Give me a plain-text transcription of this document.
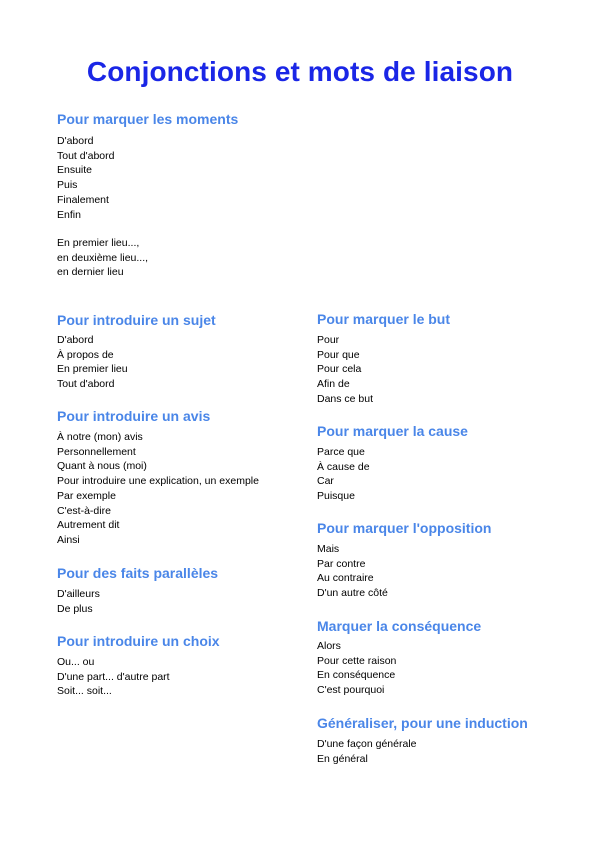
Conjonctions et mots de liaison
Pour marquer les moments
D'abord
Tout d'abord
Ensuite
Puis
Finalement
Enfin
En premier lieu...,
en deuxième lieu...,
en dernier lieu
Pour introduire un sujet
D'abord
À propos de
En premier lieu
Tout d'abord
Pour introduire un avis
À notre (mon) avis
Personnellement
Quant à nous (moi)
Pour introduire une explication, un exemple
Par exemple
C'est-à-dire
Autrement dit
Ainsi
Pour des faits parallèles
D'ailleurs
De plus
Pour introduire un choix
Ou... ou
D'une part... d'autre part
Soit... soit...
Pour marquer le but
Pour
Pour que
Pour cela
Afin de
Dans ce but
Pour marquer la cause
Parce que
À cause de
Car
Puisque
Pour marquer l'opposition
Mais
Par contre
Au contraire
D'un autre côté
Marquer la conséquence
Alors
Pour cette raison
En conséquence
C'est pourquoi
Généraliser, pour une induction
D'une façon générale
En général
